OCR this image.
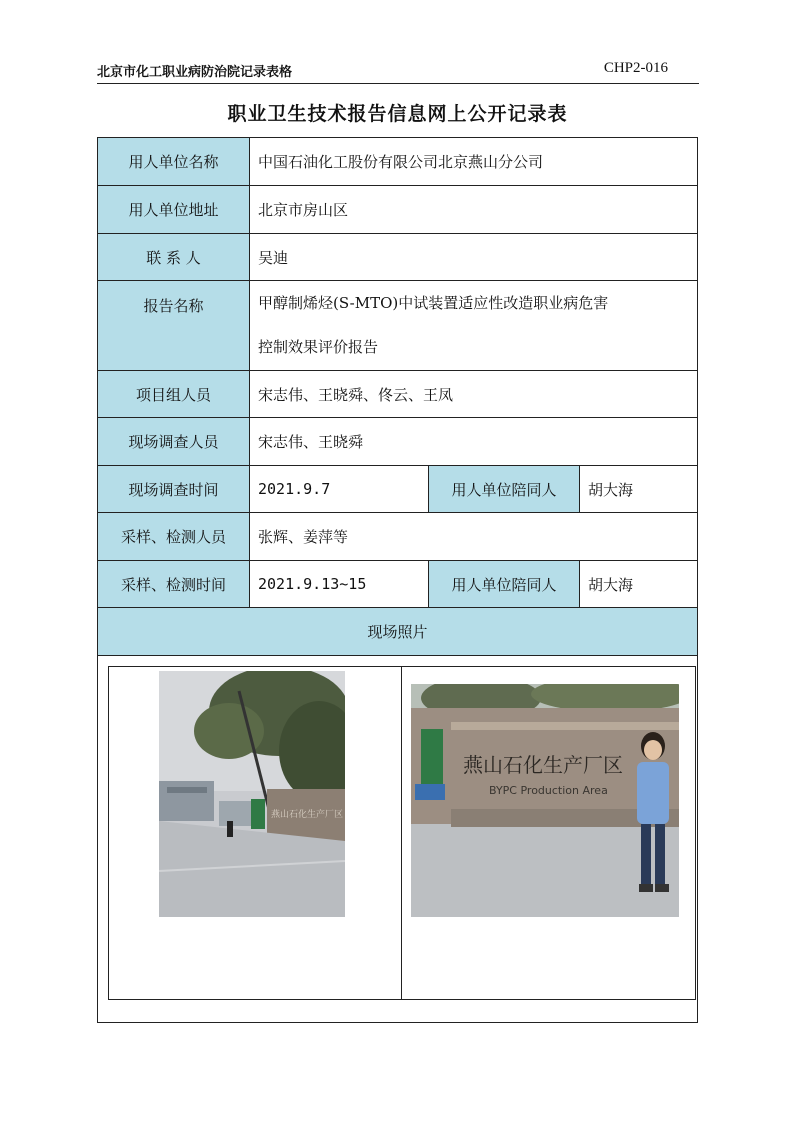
北京市化工职业病防治院记录表格	CHP2-016
职业卫生技术报告信息网上公开记录表
用人单位名称	中国石油化工股份有限公司北京燕山分公司
用人单位地址	北京市房山区
联 系 人	吴迪
报告名称	甲醇制烯烃(S-MTO)中试装置适应性改造职业病危害
控制效果评价报告
项目组人员	宋志伟、王晓舜、佟云、王凤
现场调查人员	宋志伟、王晓舜
现场调查时间	2021.9.7	用人单位陪同人	胡大海
采样、检测人员	张辉、姜萍等
采样、检测时间	2021.9.13~15	用人单位陪同人	胡大海
现场照片
燕山石化生产厂区
燕山石化生产厂区
BYPC Production Area
